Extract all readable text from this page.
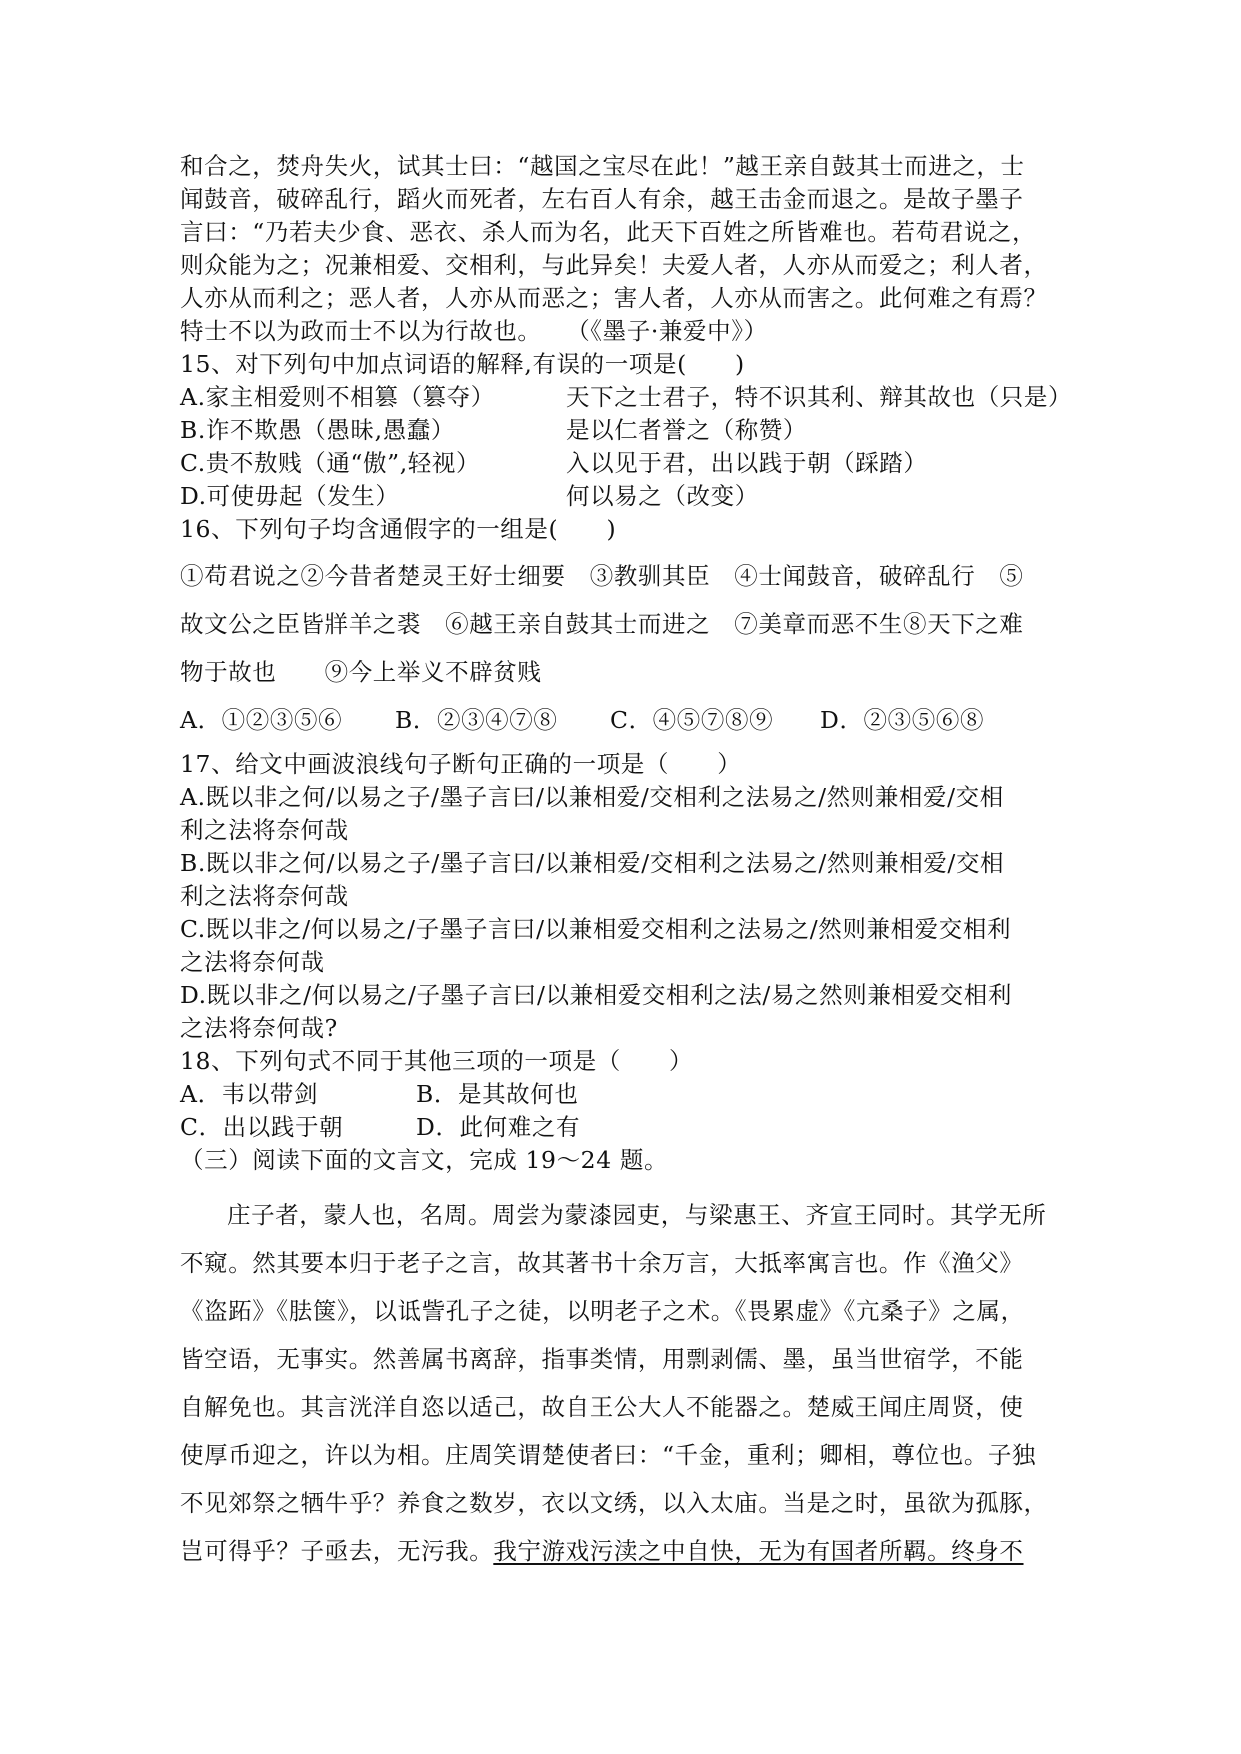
和合之，焚舟失火，试其士曰：“越国之宝尽在此！”越王亲自鼓其士而进之，士
闻鼓音，破碎乱行，蹈火而死者，左右百人有余，越王击金而退之。是故子墨子
言曰：“乃若夫少食、恶衣、杀人而为名，此天下百姓之所皆难也。若苟君说之，
则众能为之；况兼相爱、交相利，与此异矣！夫爱人者，人亦从而爱之；利人者，
人亦从而利之；恶人者，人亦从而恶之；害人者，人亦从而害之。此何难之有焉？
特士不以为政而士不以为行故也。　　（《墨子·兼爱中》）
15、对下列句中加点词语的解释,有误的一项是(　　)
A.家主相爱则不相篡（篡夺）	天下之士君子，特不识其利、辩其故也（只是）
B.诈不欺愚（愚昧,愚蠢）	是以仁者誉之（称赞）
C.贵不敖贱（通“傲”,轻视）	入以见于君，出以践于朝（踩踏）
D.可使毋起（发生）	何以易之（改变）
16、下列句子均含通假字的一组是(　　)
①苟君说之②今昔者楚灵王好士细要　③教驯其臣　④士闻鼓音，破碎乱行　⑤
故文公之臣皆牂羊之裘　⑥越王亲自鼓其士而进之　⑦美章而恶不生⑧天下之难
物于故也　　⑨今上举义不辟贫贱
A．①②③⑤⑥	B．②③④⑦⑧	C．④⑤⑦⑧⑨	D．②③⑤⑥⑧
17、给文中画波浪线句子断句正确的一项是（　　）
A.既以非之何/以易之子/墨子言曰/以兼相爱/交相利之法易之/然则兼相爱/交相
利之法将奈何哉
B.既以非之何/以易之子/墨子言曰/以兼相爱/交相利之法易之/然则兼相爱/交相
利之法将奈何哉
C.既以非之/何以易之/子墨子言曰/以兼相爱交相利之法易之/然则兼相爱交相利
之法将奈何哉
D.既以非之/何以易之/子墨子言曰/以兼相爱交相利之法/易之然则兼相爱交相利
之法将奈何哉?
18、下列句式不同于其他三项的一项是（　　）
A．韦以带剑	B．是其故何也
C．出以践于朝	D．此何难之有
（三）阅读下面的文言文，完成 19～24 题。
庄子者，蒙人也，名周。周尝为蒙漆园吏，与梁惠王、齐宣王同时。其学无所
不窥。然其要本归于老子之言，故其著书十余万言，大抵率寓言也。作《渔父》
《盗跖》《胠箧》，以诋訾孔子之徒，以明老子之术。《畏累虚》《亢桑子》之属，
皆空语，无事实。然善属书离辞，指事类情，用剽剥儒、墨，虽当世宿学，不能
自解免也。其言洸洋自恣以适己，故自王公大人不能器之。楚威王闻庄周贤，使
使厚币迎之，许以为相。庄周笑谓楚使者曰：“千金，重利；卿相，尊位也。子独
不见郊祭之牺牛乎？养食之数岁，衣以文绣，以入太庙。当是之时，虽欲为孤豚，
岂可得乎？子亟去，无污我。我宁游戏污渎之中自快，无为有国者所羁。终身不
